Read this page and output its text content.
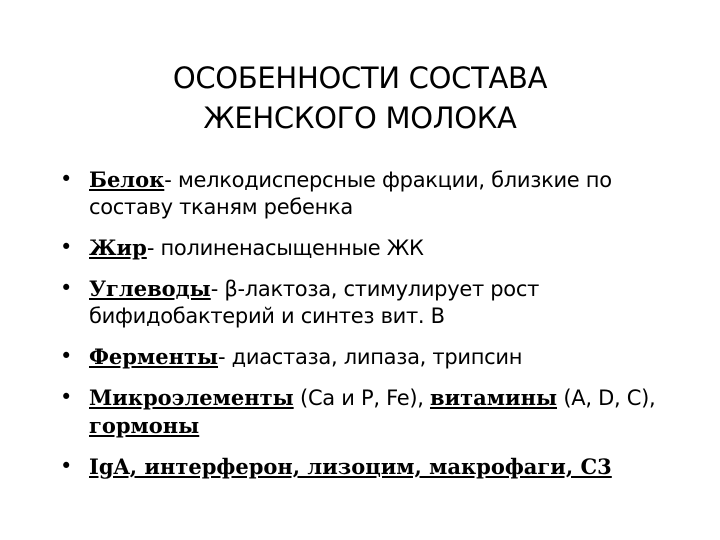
ОСОБЕННОСТИ СОСТАВА
ЖЕНСКОГО МОЛОКА
• Белок- мелкодисперсные фракции, близкие по составу тканям ребенка
• Жир- полиненасыщенные ЖК
• Углеводы- β-лактоза, стимулирует рост бифидобактерий и синтез вит. В
• Ферменты- диастаза, липаза, трипсин
• Микроэлементы (Ca и P, Fe), витамины (A, D, C), гормоны
• IgA, интерферон, лизоцим, макрофаги, С3
